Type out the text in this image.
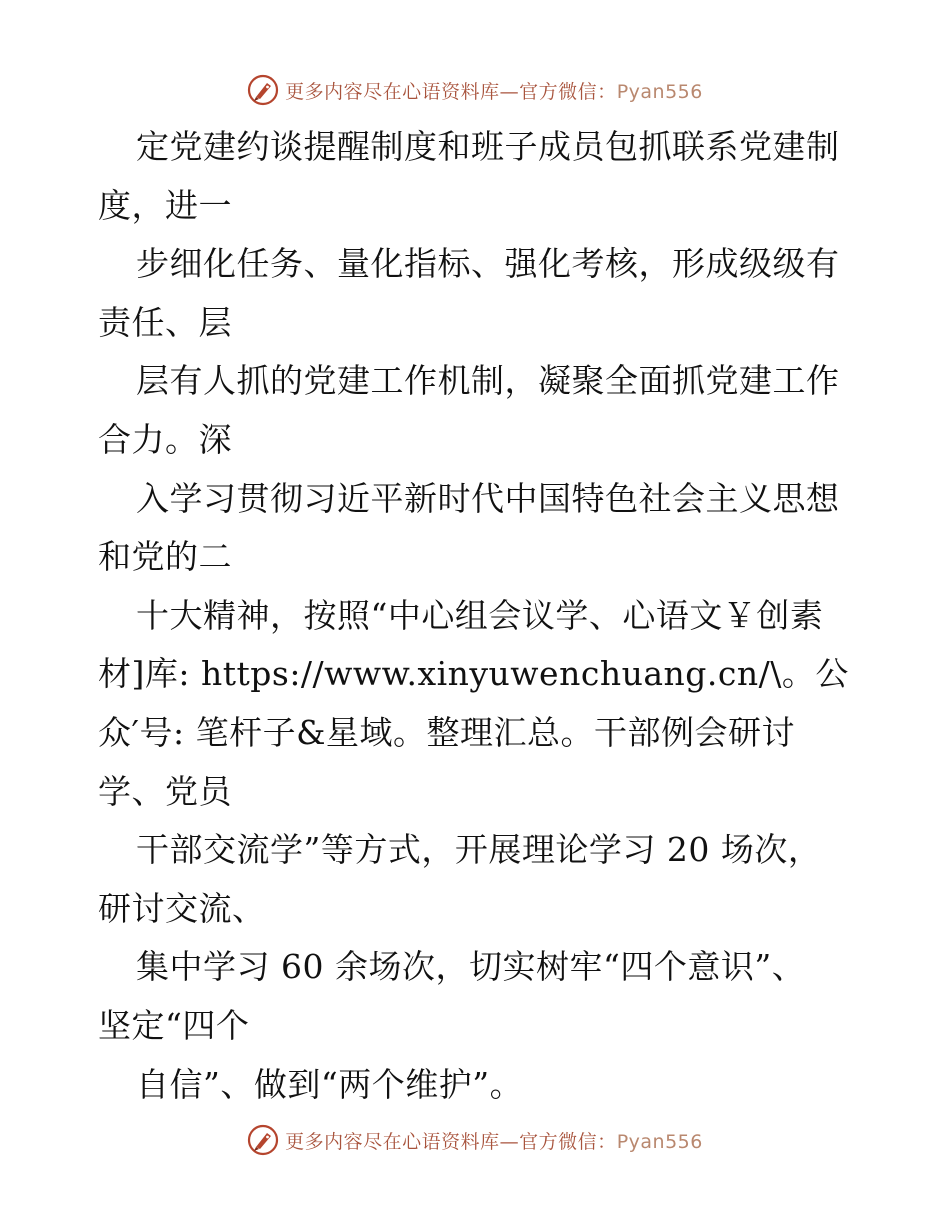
更多内容尽在心语资料库—官方微信：Pyan556
定党建约谈提醒制度和班子成员包抓联系党建制
度，进一
步细化任务、量化指标、强化考核，形成级级有
责任、层
层有人抓的党建工作机制，凝聚全面抓党建工作
合力。深
入学习贯彻习近平新时代中国特色社会主义思想
和党的二
十大精神，按照“中心组会议学、心语文￥创素
材]库: https://www.xinyuwenchuang.cn/\。公
众′号: 笔杆子&星域。整理汇总。干部例会研讨
学、党员
干部交流学”等方式，开展理论学习 20 场次，
研讨交流、
集中学习 60 余场次，切实树牢“四个意识”、
坚定“四个
自信”、做到“两个维护”。
更多内容尽在心语资料库—官方微信：Pyan556
